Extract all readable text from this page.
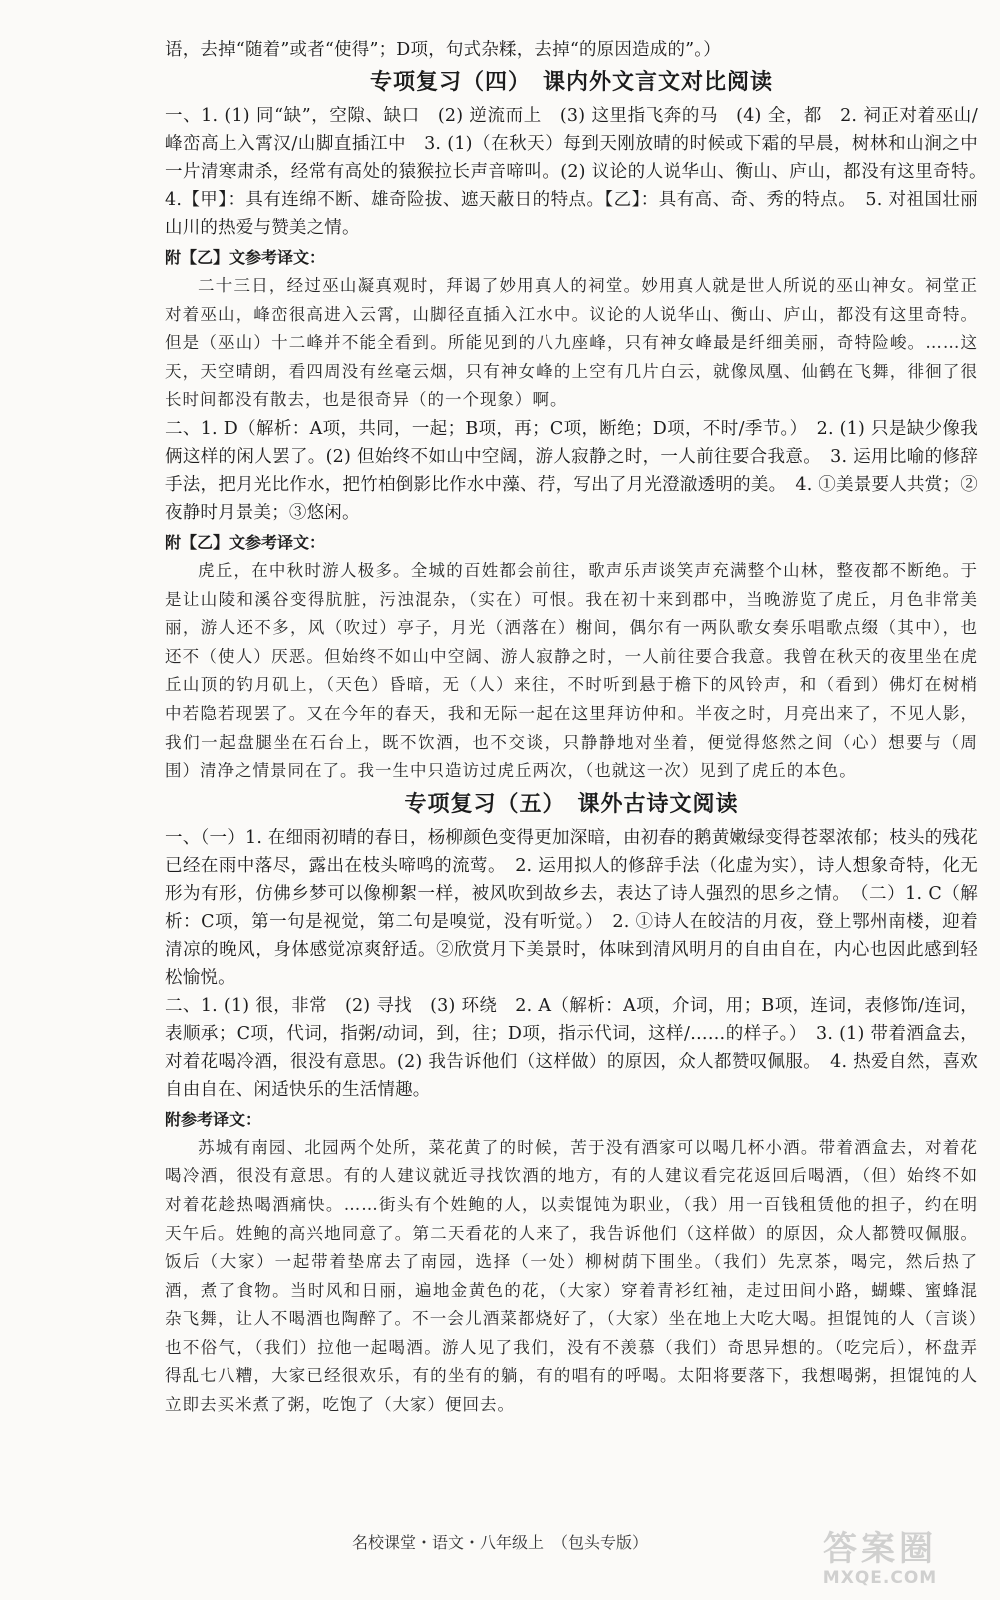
语，去掉“随着”或者“使得”；D项，句式杂糅，去掉“的原因造成的”。）

专项复习（四）　课内外文言文对比阅读

一、1. (1) 同“缺”，空隙、缺口　(2) 逆流而上　(3) 这里指飞奔的马　(4) 全，都　2. 祠正对着巫山/峰峦高上入霄汉/山脚直插江中　3. (1)（在秋天）每到天刚放晴的时候或下霜的早晨，树林和山涧之中一片清寒肃杀，经常有高处的猿猴拉长声音啼叫。(2) 议论的人说华山、衡山、庐山，都没有这里奇特。　4.【甲】：具有连绵不断、雄奇险拔、遮天蔽日的特点。【乙】：具有高、奇、秀的特点。　5. 对祖国壮丽山川的热爱与赞美之情。

附【乙】文参考译文：

二十三日，经过巫山凝真观时，拜谒了妙用真人的祠堂。妙用真人就是世人所说的巫山神女。祠堂正对着巫山，峰峦很高进入云霄，山脚径直插入江水中。议论的人说华山、衡山、庐山，都没有这里奇特。但是（巫山）十二峰并不能全看到。所能见到的八九座峰，只有神女峰最是纤细美丽，奇特险峻。……这天，天空晴朗，看四周没有丝毫云烟，只有神女峰的上空有几片白云，就像凤凰、仙鹤在飞舞，徘徊了很长时间都没有散去，也是很奇异（的一个现象）啊。

二、1. D（解析：A项，共同，一起；B项，再；C项，断绝；D项，不时/季节。）　2. (1) 只是缺少像我俩这样的闲人罢了。(2) 但始终不如山中空阔，游人寂静之时，一人前往要合我意。　3. 运用比喻的修辞手法，把月光比作水，把竹柏倒影比作水中藻、荇，写出了月光澄澈透明的美。　4. ①美景要人共赏；②夜静时月景美；③悠闲。

附【乙】文参考译文：

虎丘，在中秋时游人极多。全城的百姓都会前往，歌声乐声谈笑声充满整个山林，整夜都不断绝。于是让山陵和溪谷变得肮脏，污浊混杂，（实在）可恨。我在初十来到郡中，当晚游览了虎丘，月色非常美丽，游人还不多，风（吹过）亭子，月光（洒落在）榭间，偶尔有一两队歌女奏乐唱歌点缀（其中），也还不（使人）厌恶。但始终不如山中空阔、游人寂静之时，一人前往要合我意。我曾在秋天的夜里坐在虎丘山顶的钓月矶上，（天色）昏暗，无（人）来往，不时听到悬于檐下的风铃声，和（看到）佛灯在树梢中若隐若现罢了。又在今年的春天，我和无际一起在这里拜访仲和。半夜之时，月亮出来了，不见人影，我们一起盘腿坐在石台上，既不饮酒，也不交谈，只静静地对坐着，便觉得悠然之间（心）想要与（周围）清净之情景同在了。我一生中只造访过虎丘两次，（也就这一次）见到了虎丘的本色。

专项复习（五）　课外古诗文阅读

一、（一）1. 在细雨初晴的春日，杨柳颜色变得更加深暗，由初春的鹅黄嫩绿变得苍翠浓郁；枝头的残花已经在雨中落尽，露出在枝头啼鸣的流莺。　2. 运用拟人的修辞手法（化虚为实），诗人想象奇特，化无形为有形，仿佛乡梦可以像柳絮一样，被风吹到故乡去，表达了诗人强烈的思乡之情。　（二）1. C（解析：C项，第一句是视觉，第二句是嗅觉，没有听觉。）　2. ①诗人在皎洁的月夜，登上鄂州南楼，迎着清凉的晚风，身体感觉凉爽舒适。②欣赏月下美景时，体味到清风明月的自由自在，内心也因此感到轻松愉悦。

二、1. (1) 很，非常　(2) 寻找　(3) 环绕　2. A（解析：A项，介词，用；B项，连词，表修饰/连词，表顺承；C项，代词，指粥/动词，到，往；D项，指示代词，这样/……的样子。）　3. (1) 带着酒盒去，对着花喝冷酒，很没有意思。(2) 我告诉他们（这样做）的原因，众人都赞叹佩服。　4. 热爱自然，喜欢自由自在、闲适快乐的生活情趣。

附参考译文：

苏城有南园、北园两个处所，菜花黄了的时候，苦于没有酒家可以喝几杯小酒。带着酒盒去，对着花喝冷酒，很没有意思。有的人建议就近寻找饮酒的地方，有的人建议看完花返回后喝酒，（但）始终不如对着花趁热喝酒痛快。……街头有个姓鲍的人，以卖馄饨为职业，（我）用一百钱租赁他的担子，约在明天午后。姓鲍的高兴地同意了。第二天看花的人来了，我告诉他们（这样做）的原因，众人都赞叹佩服。饭后（大家）一起带着垫席去了南园，选择（一处）柳树荫下围坐。（我们）先烹茶，喝完，然后热了酒，煮了食物。当时风和日丽，遍地金黄色的花，（大家）穿着青衫红袖，走过田间小路，蝴蝶、蜜蜂混杂飞舞，让人不喝酒也陶醉了。不一会儿酒菜都烧好了，（大家）坐在地上大吃大喝。担馄饨的人（言谈）也不俗气，（我们）拉他一起喝酒。游人见了我们，没有不羡慕（我们）奇思异想的。（吃完后），杯盘弄得乱七八糟，大家已经很欢乐，有的坐有的躺，有的唱有的呼喝。太阳将要落下，我想喝粥，担馄饨的人立即去买米煮了粥，吃饱了（大家）便回去。

名校课堂・语文・八年级上　（包头专版）	答案圈
MXQE.COM
